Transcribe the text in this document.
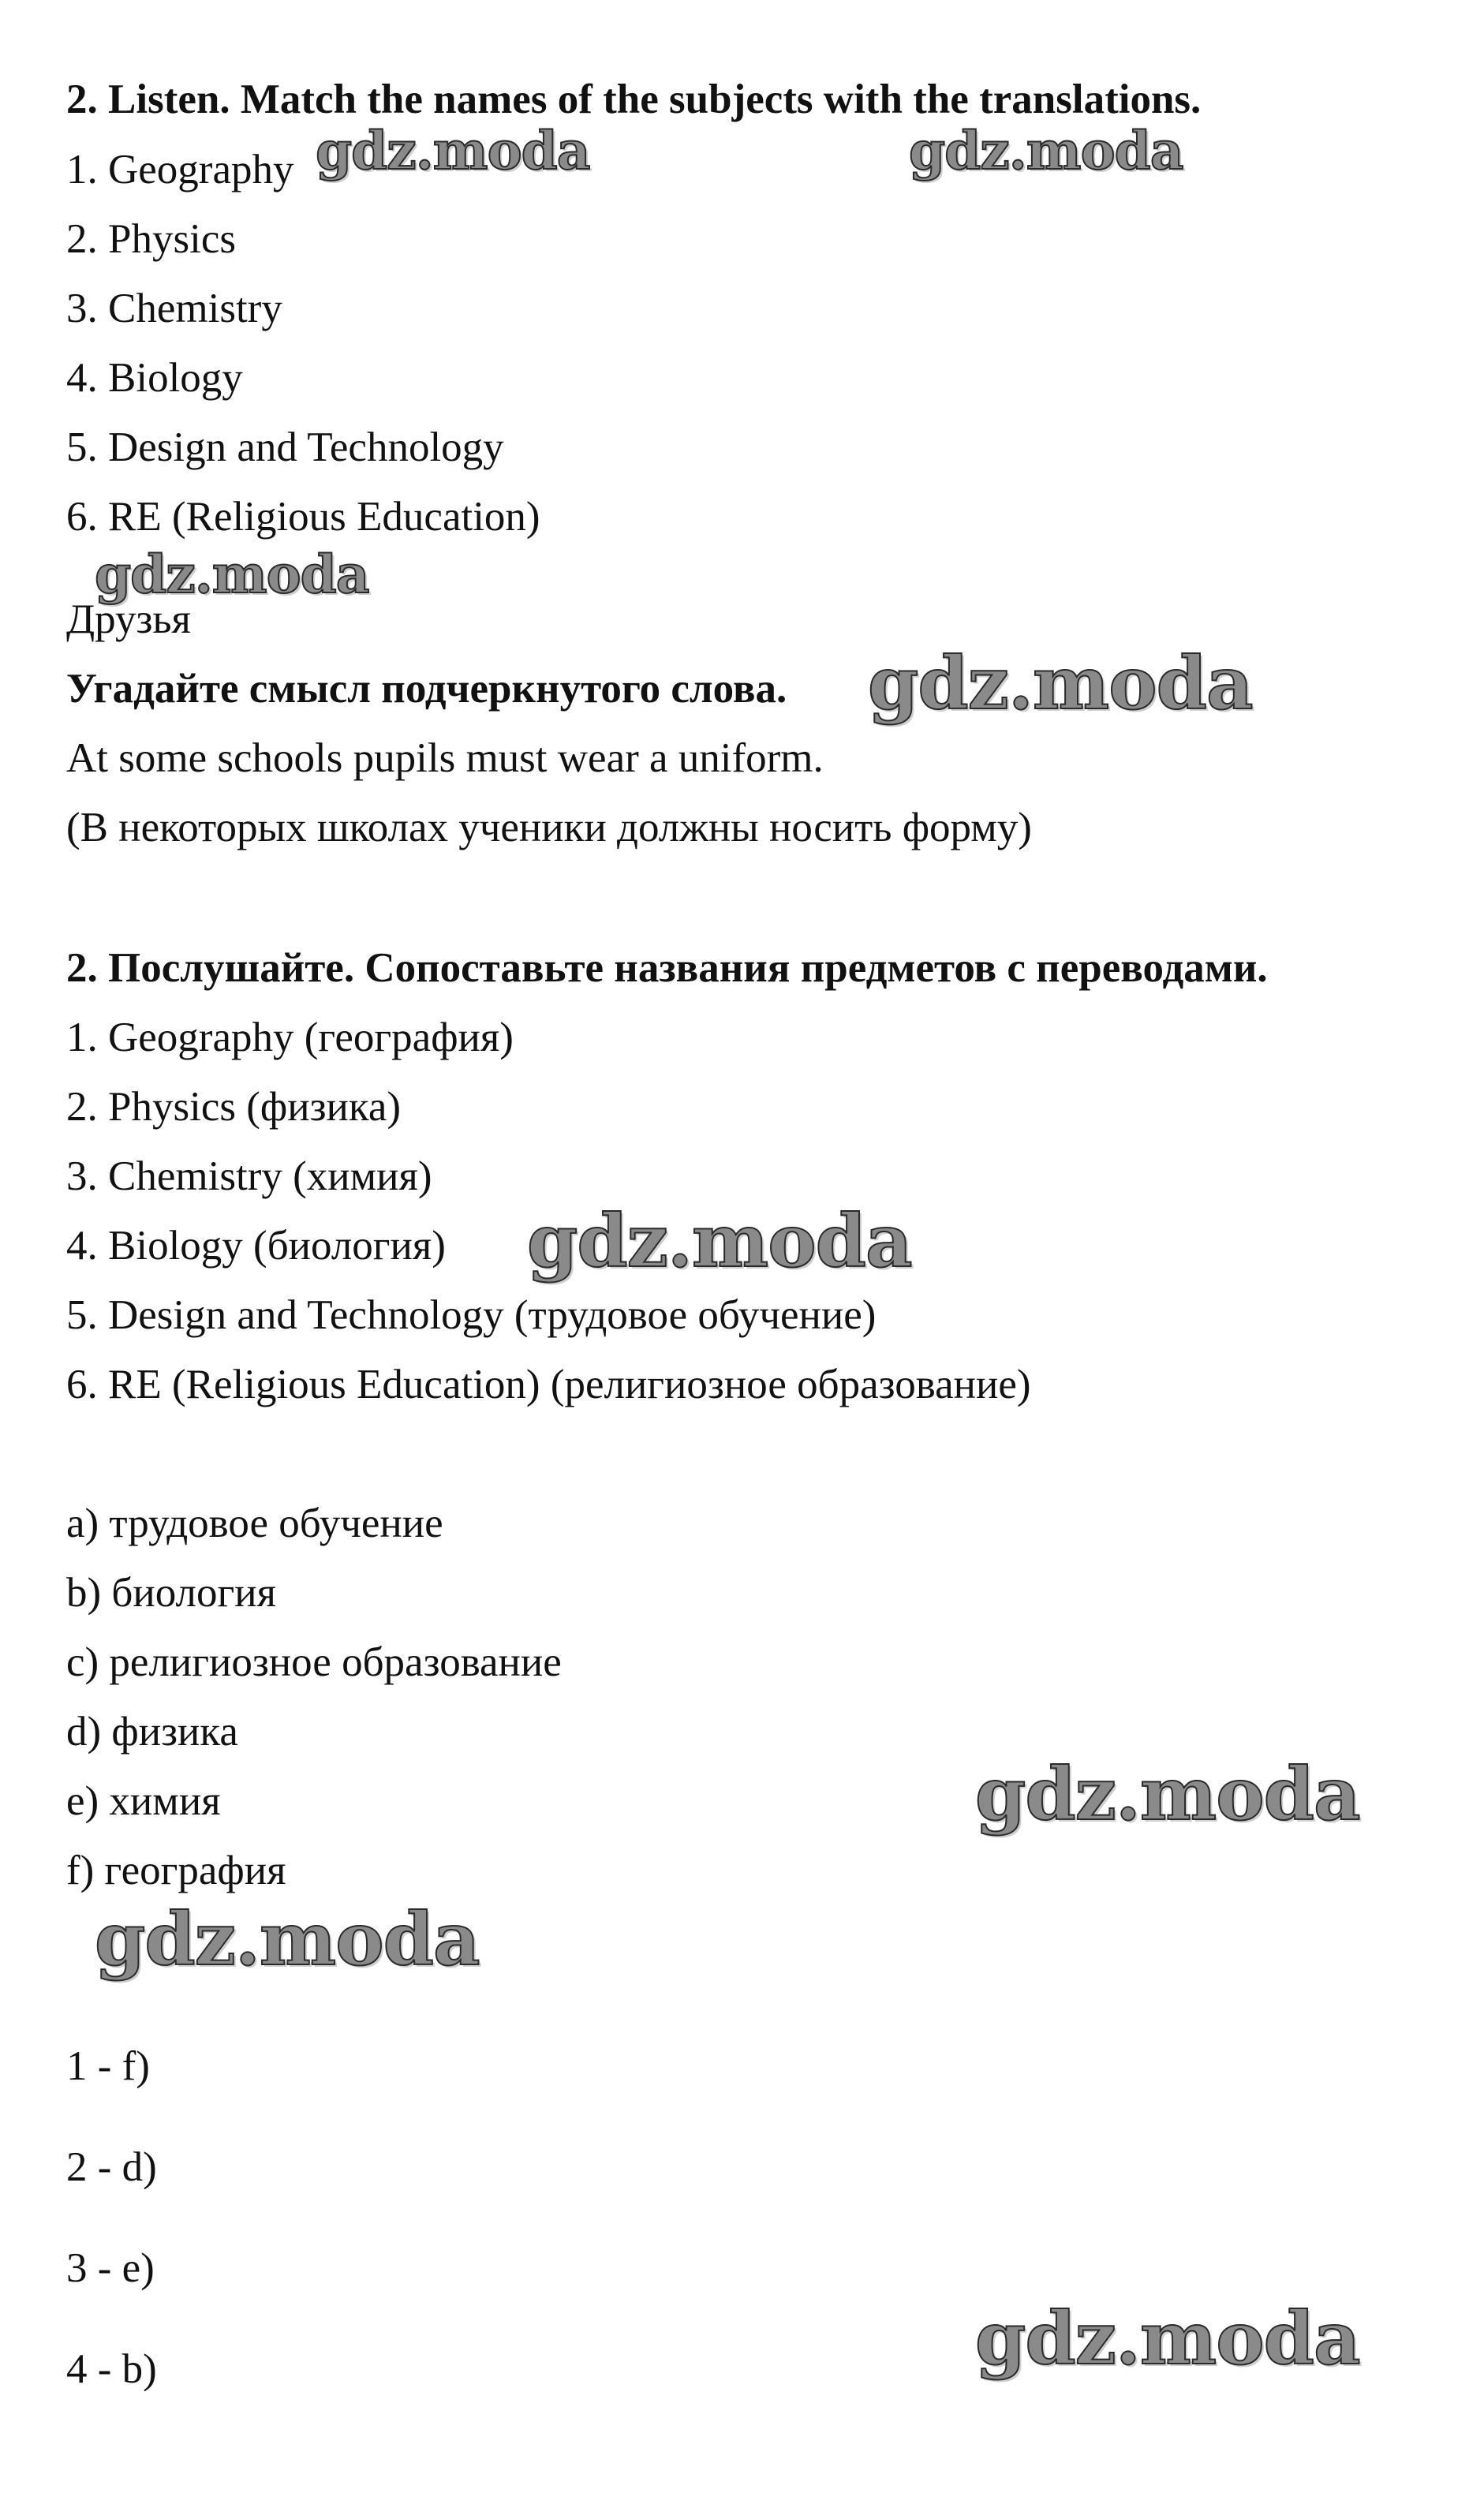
2. Listen. Match the names of the subjects with the translations.
1. Geography
2. Physics
3. Chemistry
4. Biology
5. Design and Technology
6. RE (Religious Education)
Друзья
Угадайте смысл подчеркнутого слова.
At some schools pupils must wear a uniform.
(В некоторых школах ученики должны носить форму)
2. Послушайте. Сопоставьте названия предметов с переводами.
1. Geography (география)
2. Physics (физика)
3. Chemistry (химия)
4. Biology (биология)
5. Design and Technology (трудовое обучение)
6. RE (Religious Education) (религиозное образование)
a) трудовое обучение
b) биология
c) религиозное образование
d) физика
e) химия
f) география
1 - f)
2 - d)
3 - e)
4 - b)
gdz.moda	gdz.moda
gdz.moda
gdz.moda
gdz.moda
gdz.moda
gdz.moda
gdz.moda
